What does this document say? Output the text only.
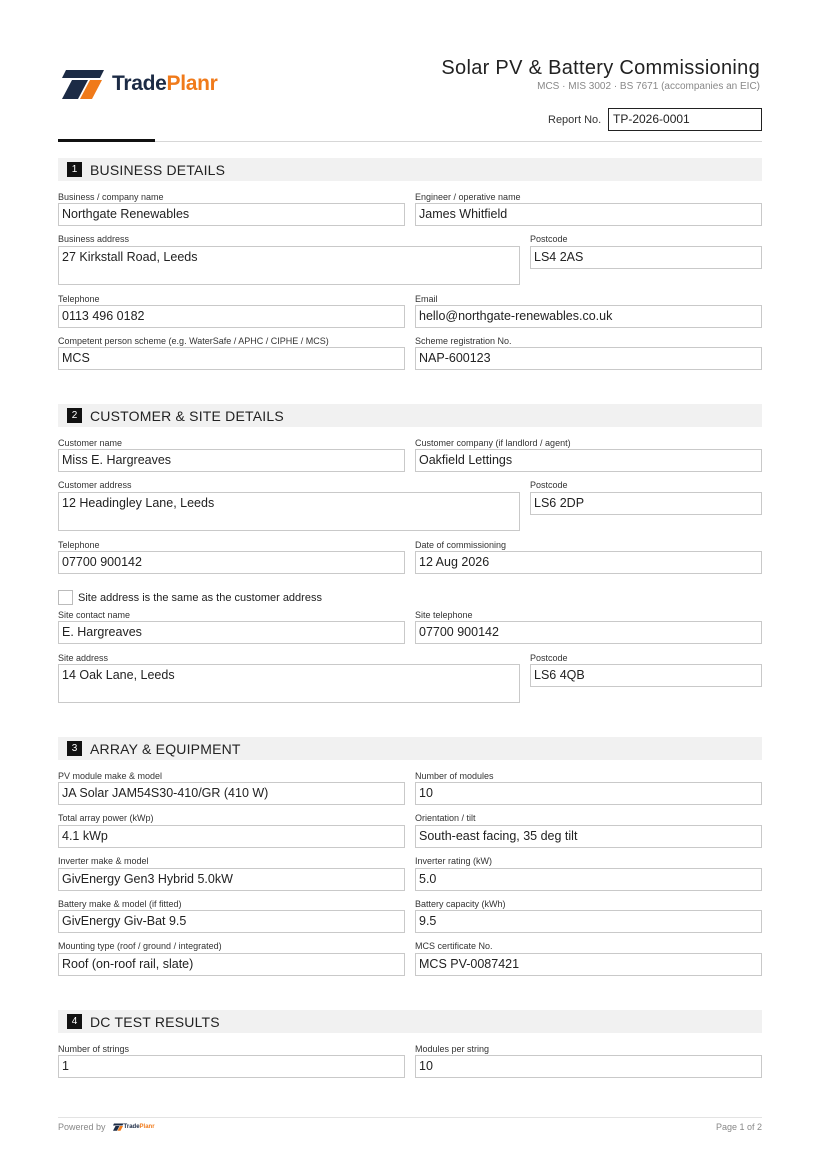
TradePlanr
Solar PV & Battery Commissioning
MCS · MIS 3002 · BS 7671 (accompanies an EIC)
Report No. TP-2026-0001
1 BUSINESS DETAILS
Business / company name
Northgate Renewables
Engineer / operative name
James Whitfield
Business address
27 Kirkstall Road, Leeds
Postcode
LS4 2AS
Telephone
0113 496 0182
Email
hello@northgate-renewables.co.uk
Competent person scheme (e.g. WaterSafe / APHC / CIPHE / MCS)
MCS
Scheme registration No.
NAP-600123
2 CUSTOMER & SITE DETAILS
Customer name
Miss E. Hargreaves
Customer company (if landlord / agent)
Oakfield Lettings
Customer address
12 Headingley Lane, Leeds
Postcode
LS6 2DP
Telephone
07700 900142
Date of commissioning
12 Aug 2026
Site address is the same as the customer address
Site contact name
E. Hargreaves
Site telephone
07700 900142
Site address
14 Oak Lane, Leeds
Postcode
LS6 4QB
3 ARRAY & EQUIPMENT
PV module make & model
JA Solar JAM54S30-410/GR (410 W)
Number of modules
10
Total array power (kWp)
4.1 kWp
Orientation / tilt
South-east facing, 35 deg tilt
Inverter make & model
GivEnergy Gen3 Hybrid 5.0kW
Inverter rating (kW)
5.0
Battery make & model (if fitted)
GivEnergy Giv-Bat 9.5
Battery capacity (kWh)
9.5
Mounting type (roof / ground / integrated)
Roof (on-roof rail, slate)
MCS certificate No.
MCS PV-0087421
4 DC TEST RESULTS
Number of strings
1
Modules per string
10
Powered by	Trade Planr	Page 1 of 2
